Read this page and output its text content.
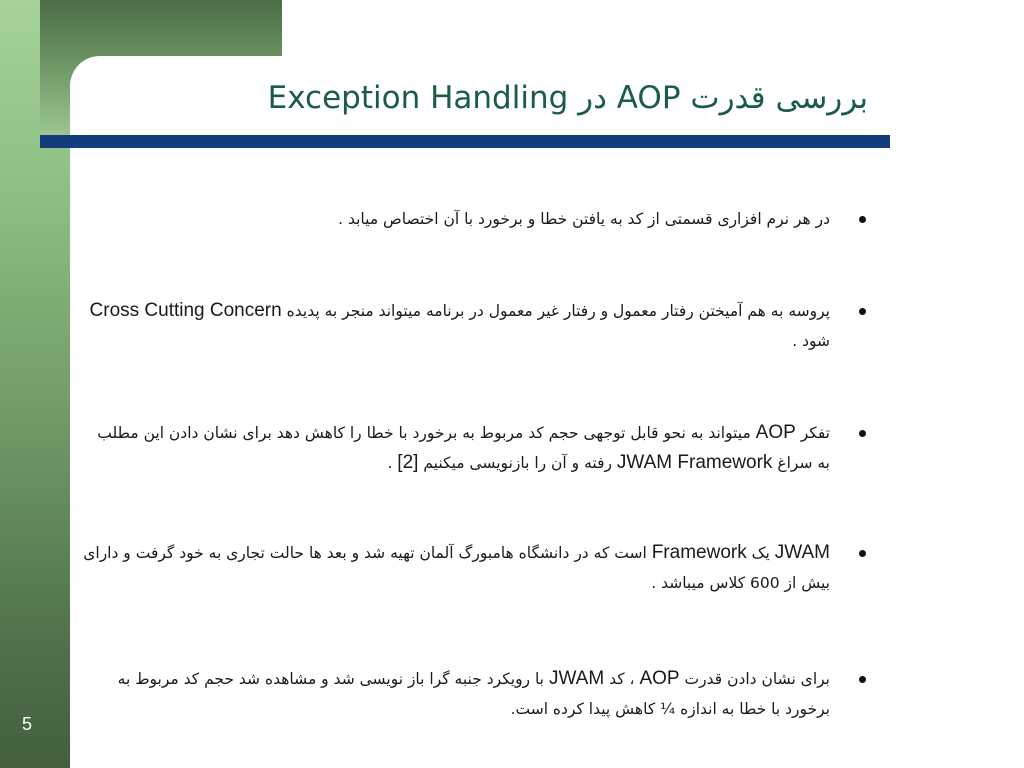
بررسی قدرت AOP در Exception Handling
در هر نرم افزاری قسمتی از کد به یافتن خطا و برخورد با آن اختصاص میابد .
پروسه به هم آمیختن رفتار معمول و رفتار غیر معمول در برنامه میتواند منجر به پدیده Cross Cutting Concern شود .
تفکر AOP میتواند به نحو قابل توجهی حجم کد مربوط به برخورد با خطا را کاهش دهد برای نشان دادن این مطلب به سراغ JWAM Framework رفته و آن را بازنویسی میکنیم [2] .
JWAM یک Framework است که در دانشگاه هامبورگ آلمان تهیه شد و بعد ها حالت تجاری به خود گرفت و دارای بیش از 600 کلاس میباشد .
برای نشان دادن قدرت AOP ، کد JWAM با رویکرد جنبه گرا باز نویسی شد و مشاهده شد حجم کد مربوط به برخورد با خطا به اندازه ¼ کاهش پیدا کرده است.
5
